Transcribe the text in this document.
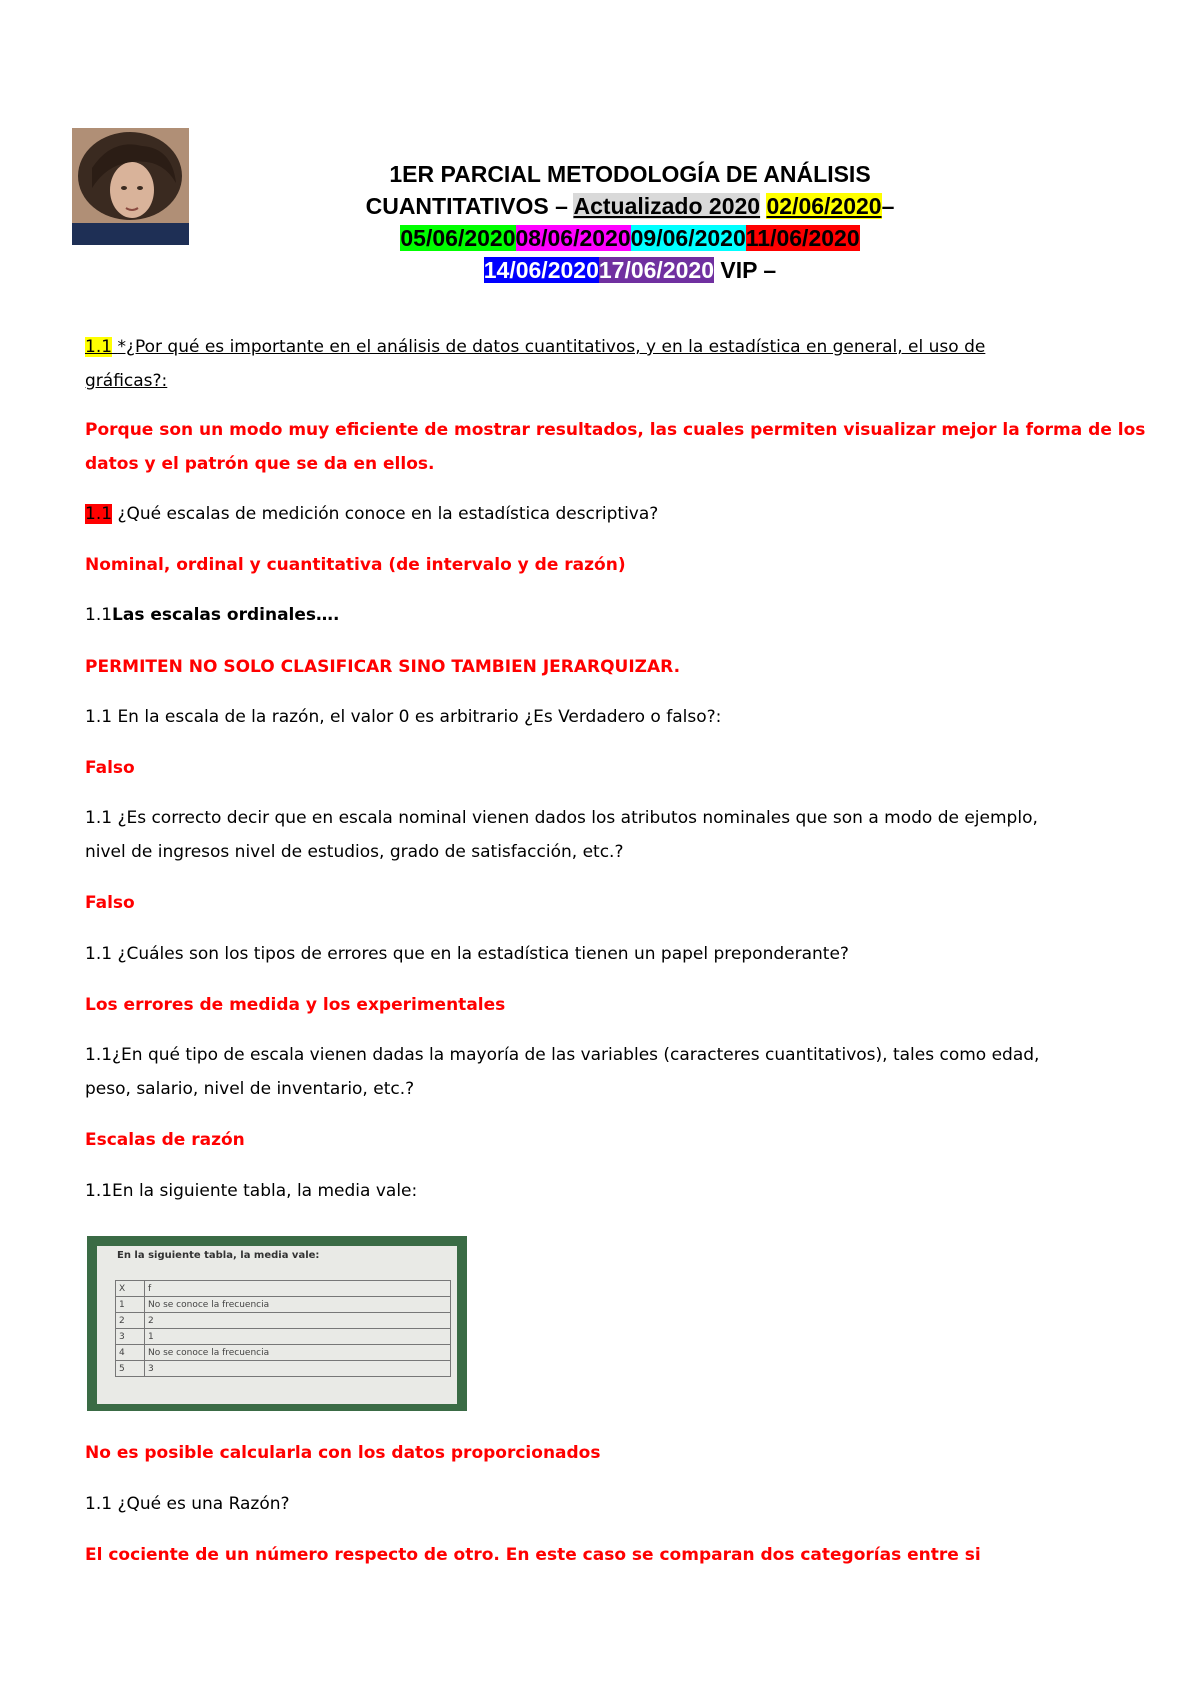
1ER PARCIAL METODOLOGÍA DE ANÁLISIS
CUANTITATIVOS – Actualizado 2020 02/06/2020–
05/06/202008/06/202009/06/202011/06/2020
14/06/202017/06/2020 VIP –
1.1 *¿Por qué es importante en el análisis de datos cuantitativos, y en la estadística en general, el uso de
gráficas?:
Porque son un modo muy eficiente de mostrar resultados, las cuales permiten visualizar mejor la forma de los
datos y el patrón que se da en ellos.
1.1 ¿Qué escalas de medición conoce en la estadística descriptiva?
Nominal, ordinal y cuantitativa (de intervalo y de razón)
1.1Las escalas ordinales….
PERMITEN NO SOLO CLASIFICAR SINO TAMBIEN JERARQUIZAR.
1.1 En la escala de la razón, el valor 0 es arbitrario ¿Es Verdadero o falso?:
Falso
1.1 ¿Es correcto decir que en escala nominal vienen dados los atributos nominales que son a modo de ejemplo,
nivel de ingresos nivel de estudios, grado de satisfacción, etc.?
Falso
1.1 ¿Cuáles son los tipos de errores que en la estadística tienen un papel preponderante?
Los errores de medida y los experimentales
1.1¿En qué tipo de escala vienen dadas la mayoría de las variables (caracteres cuantitativos), tales como edad,
peso, salario, nivel de inventario, etc.?
Escalas de razón
1.1En la siguiente tabla, la media vale:
En la siguiente tabla, la media vale:
X	f
1	No se conoce la frecuencia
2	2
3	1
4	No se conoce la frecuencia
5	3
No es posible calcularla con los datos proporcionados
1.1 ¿Qué es una Razón?
El cociente de un número respecto de otro. En este caso se comparan dos categorías entre si
